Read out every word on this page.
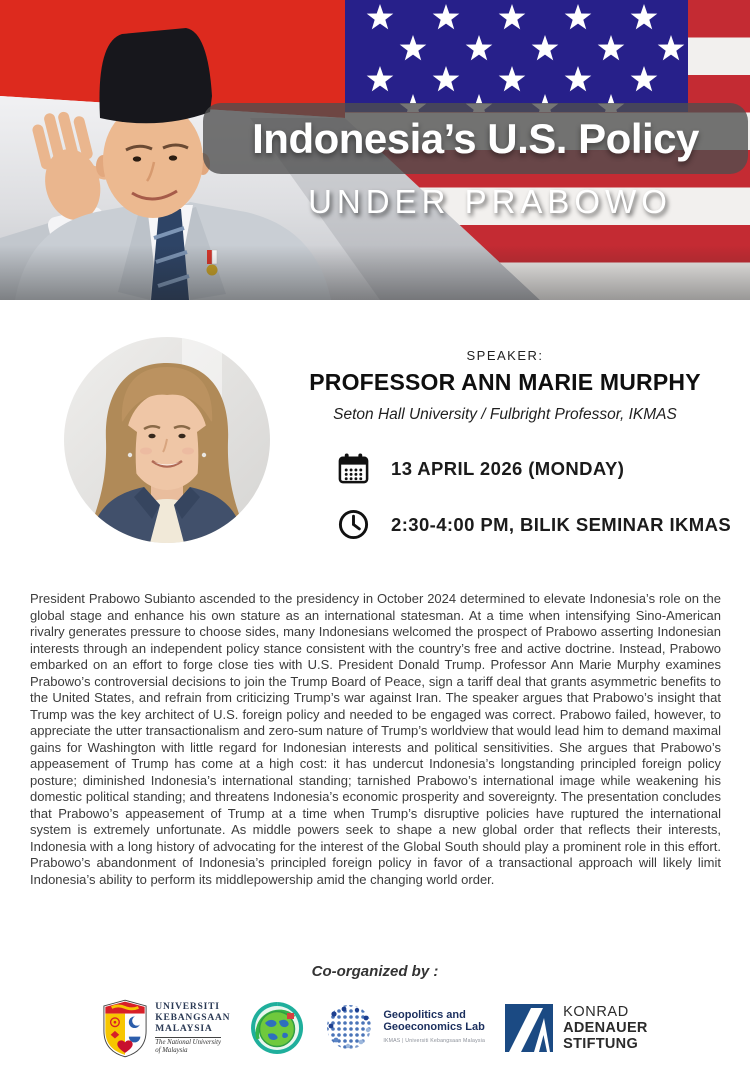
Indonesia’s U.S. Policy
UNDER PRABOWO
SPEAKER:
PROFESSOR ANN MARIE MURPHY
Seton Hall University / Fulbright Professor, IKMAS
13 APRIL 2026 (MONDAY)
2:30-4:00 PM, BILIK SEMINAR IKMAS

President Prabowo Subianto ascended to the presidency in October 2024 determined to elevate Indonesia’s role on the global stage and enhance his own stature as an international statesman. At a time when intensifying Sino-American rivalry generates pressure to choose sides, many Indonesians welcomed the prospect of Prabowo asserting Indonesian interests through an independent policy stance consistent with the country’s free and active doctrine. Instead, Prabowo embarked on an effort to forge close ties with U.S. President Donald Trump. Professor Ann Marie Murphy examines Prabowo’s controversial decisions to join the Trump Board of Peace, sign a tariff deal that grants asymmetric benefits to the United States, and refrain from criticizing Trump’s war against Iran. The speaker argues that Prabowo’s insight that Trump was the key architect of U.S. foreign policy and needed to be engaged was correct. Prabowo failed, however, to appreciate the utter transactionalism and zero-sum nature of Trump’s worldview that would lead him to demand maximal gains for Washington with little regard for Indonesian interests and political sensitivities. She argues that Prabowo’s appeasement of Trump has come at a high cost: it has undercut Indonesia’s longstanding principled foreign policy posture; diminished Indonesia’s international standing; tarnished Prabowo’s international image while weakening his domestic political standing; and threatens Indonesia’s economic prosperity and sovereignty. The presentation concludes that Prabowo’s appeasement of Trump at a time when Trump’s disruptive policies have ruptured the international system is extremely unfortunate. As middle powers seek to shape a new global order that reflects their interests, Indonesia with a long history of advocating for the interest of the Global South should play a prominent role in this effort. Prabowo’s abandonment of Indonesia’s principled foreign policy in favor of a transactional approach will likely limit Indonesia’s ability to perform its middlepowership amid the changing world order.

Co-organized by :
UNIVERSITI
KEBANGSAAN
MALAYSIA
The National University
of Malaysia
Geopolitics and
Geoeconomics Lab
IKMAS | Universiti Kebangsaan Malaysia
KONRAD
ADENAUER
STIFTUNG
